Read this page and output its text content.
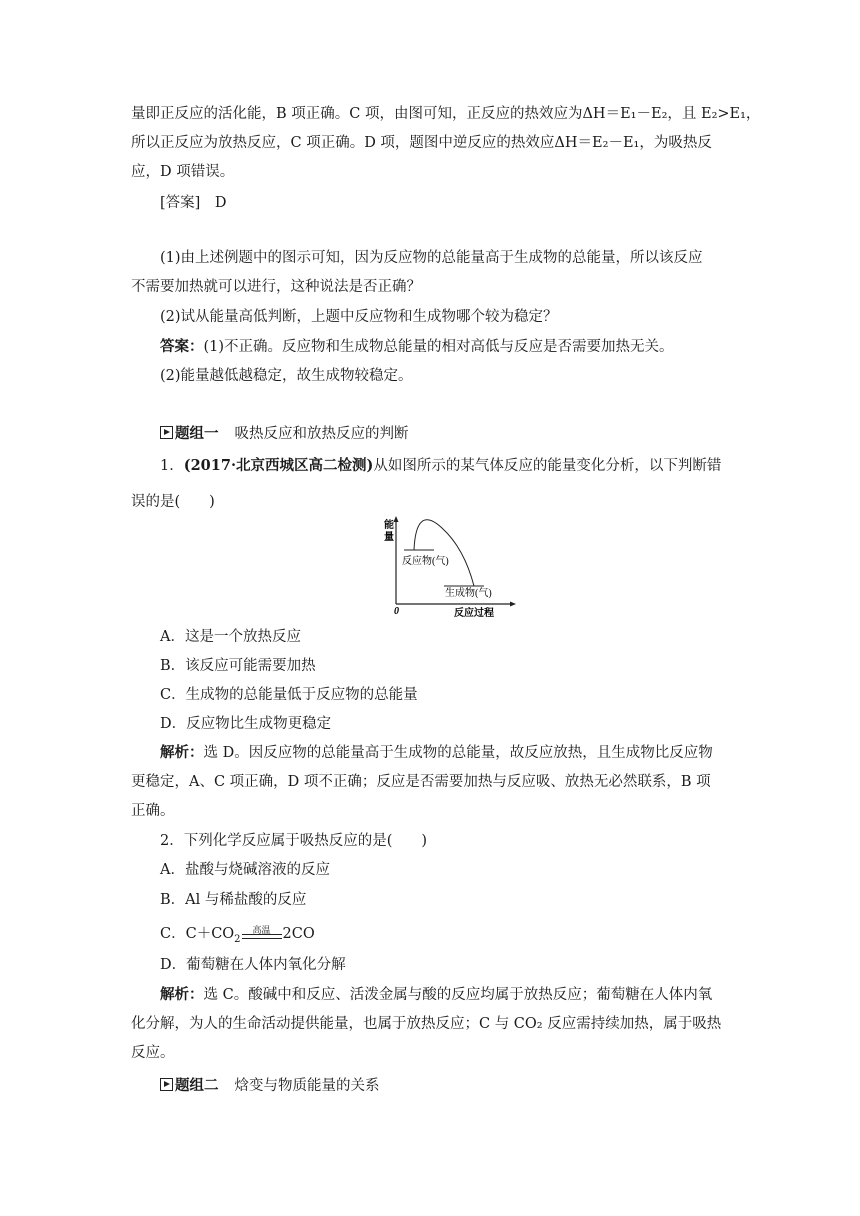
量即正反应的活化能，B 项正确。C 项，由图可知，正反应的热效应为ΔH＝E₁－E₂，且 E₂>E₁，
所以正反应为放热反应，C 项正确。D 项，题图中逆反应的热效应ΔH＝E₂－E₁，为吸热反
应，D 项错误。
[答案]　D
(1)由上述例题中的图示可知，因为反应物的总能量高于生成物的总能量，所以该反应
不需要加热就可以进行，这种说法是否正确？
(2)试从能量高低判断，上题中反应物和生成物哪个较为稳定？
答案：(1)不正确。反应物和生成物总能量的相对高低与反应是否需要加热无关。
(2)能量越低越稳定，故生成物较稳定。
题组一 吸热反应和放热反应的判断
1．(2017·北京西城区高二检测)从如图所示的某气体反应的能量变化分析，以下判断错
误的是(　　)
能
量
反应物(气)
生成物(气)
0	反应过程
A．这是一个放热反应
B．该反应可能需要加热
C．生成物的总能量低于反应物的总能量
D．反应物比生成物更稳定
解析：选 D。因反应物的总能量高于生成物的总能量，故反应放热，且生成物比反应物
更稳定，A、C 项正确，D 项不正确；反应是否需要加热与反应吸、放热无必然联系，B 项
正确。
2．下列化学反应属于吸热反应的是(　　)
A．盐酸与烧碱溶液的反应
B．Al 与稀盐酸的反应
C．$C+CO_2$
高温 2CO
D．葡萄糖在人体内氧化分解
解析：选 C。酸碱中和反应、活泼金属与酸的反应均属于放热反应；葡萄糖在人体内氧
化分解，为人的生命活动提供能量，也属于放热反应；C 与 CO₂ 反应需持续加热，属于吸热
反应。
题组二 焓变与物质能量的关系
